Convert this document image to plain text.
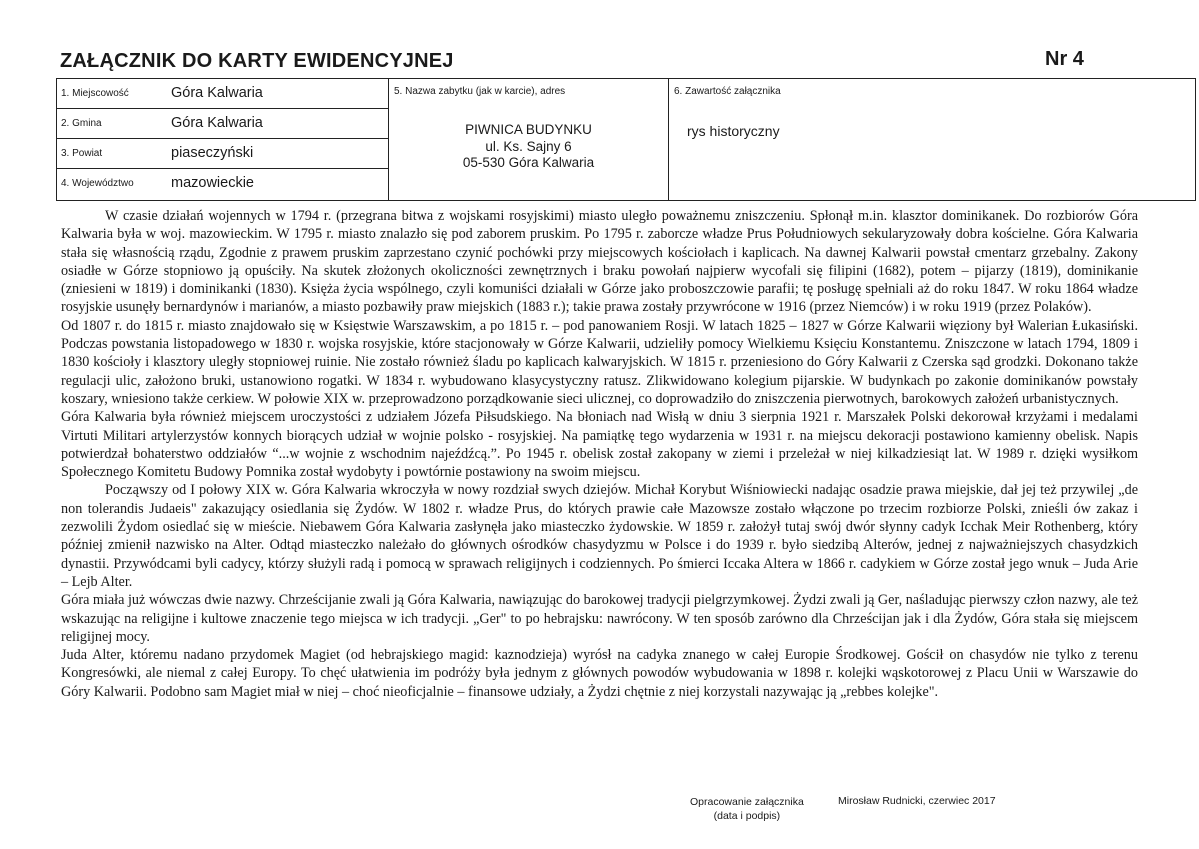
ZAŁĄCZNIK DO KARTY EWIDENCYJNEJ	Nr 4
1. Miejscowość	Góra Kalwaria
2. Gmina	Góra Kalwaria
3. Powiat	piaseczyński
4. Województwo	mazowieckie
5. Nazwa zabytku (jak w karcie), adres
PIWNICA BUDYNKU
ul. Ks. Sajny 6
05-530 Góra Kalwaria
6. Zawartość załącznika
rys historyczny

W czasie działań wojennych w 1794 r. (przegrana bitwa z wojskami rosyjskimi) miasto uległo poważnemu zniszczeniu. Spłonął m.in. klasztor dominikanek. Do rozbiorów Góra Kalwaria była w woj. mazowieckim. W 1795 r. miasto znalazło się pod zaborem pruskim. Po 1795 r. zaborcze władze Prus Południowych sekularyzowały dobra kościelne. Góra Kalwaria stała się własnością rządu, Zgodnie z prawem pruskim zaprzestano czynić pochówki przy miejscowych kościołach i kaplicach. Na dawnej Kalwarii powstał cmentarz grzebalny. Zakony osiadłe w Górze stopniowo ją opuściły. Na skutek złożonych okoliczności zewnętrznych i braku powołań najpierw wycofali się filipini (1682), potem – pijarzy (1819), dominikanie (zniesieni w 1819) i dominikanki (1830). Księża życia wspólnego, czyli komuniści działali w Górze jako proboszczowie parafii; tę posługę spełniali aż do roku 1847. W roku 1864 władze rosyjskie usunęły bernardynów i marianów, a miasto pozbawiły praw miejskich (1883 r.); takie prawa zostały przywrócone w 1916 (przez Niemców) i w roku 1919 (przez Polaków).

Od 1807 r. do 1815 r. miasto znajdowało się w Księstwie Warszawskim, a po 1815 r. – pod panowaniem Rosji. W latach 1825 – 1827 w Górze Kalwarii więziony był Walerian Łukasiński. Podczas powstania listopadowego w 1830 r. wojska rosyjskie, które stacjonowały w Górze Kalwarii, udzieliły pomocy Wielkiemu Księciu Konstantemu. Zniszczone w latach 1794, 1809 i 1830 kościoły i klasztory uległy stopniowej ruinie. Nie zostało również śladu po kaplicach kalwaryjskich. W 1815 r. przeniesiono do Góry Kalwarii z Czerska sąd grodzki. Dokonano także regulacji ulic, założono bruki, ustanowiono rogatki. W 1834 r. wybudowano klasycystyczny ratusz. Zlikwidowano kolegium pijarskie. W budynkach po zakonie dominikanów powstały koszary, wniesiono także cerkiew. W połowie XIX w. przeprowadzono porządkowanie sieci ulicznej, co doprowadziło do zniszczenia pierwotnych, barokowych założeń urbanistycznych.

Góra Kalwaria była również miejscem uroczystości z udziałem Józefa Piłsudskiego. Na błoniach nad Wisłą w dniu 3 sierpnia 1921 r. Marszałek Polski dekorował krzyżami i medalami Virtuti Militari artylerzystów konnych biorących udział w wojnie polsko - rosyjskiej. Na pamiątkę tego wydarzenia w 1931 r. na miejscu dekoracji postawiono kamienny obelisk. Napis potwierdzał bohaterstwo oddziałów “...w wojnie z wschodnim najeźdźcą.”. Po 1945 r. obelisk został zakopany w ziemi i przeleżał w niej kilkadziesiąt lat. W 1989 r. dzięki wysiłkom Społecznego Komitetu Budowy Pomnika został wydobyty i powtórnie postawiony na swoim miejscu.

Począwszy od I połowy XIX w. Góra Kalwaria wkroczyła w nowy rozdział swych dziejów. Michał Korybut Wiśniowiecki nadając osadzie prawa miejskie, dał jej też przywilej „de non tolerandis Judaeis" zakazujący osiedlania się Żydów. W 1802 r. władze Prus, do których prawie całe Mazowsze zostało włączone po trzecim rozbiorze Polski, znieśli ów zakaz i zezwolili Żydom osiedlać się w mieście. Niebawem Góra Kalwaria zasłynęła jako miasteczko żydowskie. W 1859 r. założył tutaj swój dwór słynny cadyk Icchak Meir Rothenberg, który później zmienił nazwisko na Alter. Odtąd miasteczko należało do głównych ośrodków chasydyzmu w Polsce i do 1939 r. było siedzibą Alterów, jednej z najważniejszych chasydzkich dynastii. Przywódcami byli cadycy, którzy służyli radą i pomocą w sprawach religijnych i codziennych. Po śmierci Iccaka Altera w 1866 r. cadykiem w Górze został jego wnuk – Juda Arie – Lejb Alter.

Góra miała już wówczas dwie nazwy. Chrześcijanie zwali ją Góra Kalwaria, nawiązując do barokowej tradycji pielgrzymkowej. Żydzi zwali ją Ger, naśladując pierwszy człon nazwy, ale też wskazując na religijne i kultowe znaczenie tego miejsca w ich tradycji. „Ger" to po hebrajsku: nawrócony. W ten sposób zarówno dla Chrześcijan jak i dla Żydów, Góra stała się miejscem religijnej mocy.

Juda Alter, któremu nadano przydomek Magiet (od hebrajskiego magid: kaznodzieja) wyrósł na cadyka znanego w całej Europie Środkowej. Gościł on chasydów nie tylko z terenu Kongresówki, ale niemal z całej Europy. To chęć ułatwienia im podróży była jednym z głównych powodów wybudowania w 1898 r. kolejki wąskotorowej z Placu Unii w Warszawie do Góry Kalwarii. Podobno sam Magiet miał w niej – choć nieoficjalnie – finansowe udziały, a Żydzi chętnie z niej korzystali nazywając ją „rebbes kolejke".

Opracowanie załącznika
(data i podpis)
Mirosław Rudnicki, czerwiec 2017
